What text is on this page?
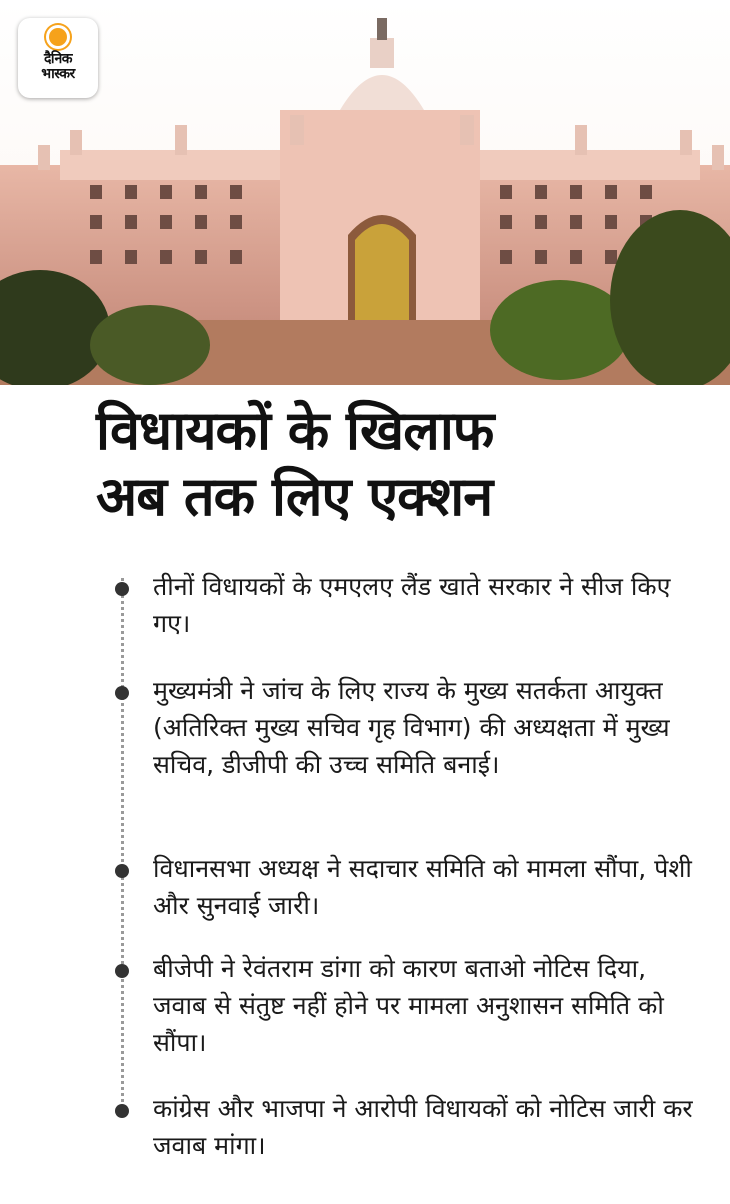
दैनिक
भास्कर
विधायकों के खिलाफ
अब तक लिए एक्शन
तीनों विधायकों के एमएलए लैंड खाते सरकार ने सीज किए गए।
मुख्यमंत्री ने जांच के लिए राज्य के मुख्य सतर्कता आयुक्त (अतिरिक्त मुख्य सचिव गृह विभाग) की अध्यक्षता में मुख्य सचिव, डीजीपी की उच्च समिति बनाई।
विधानसभा अध्यक्ष ने सदाचार समिति को मामला सौंपा, पेशी और सुनवाई जारी।
बीजेपी ने रेवंतराम डांगा को कारण बताओ नोटिस दिया, जवाब से संतुष्ट नहीं होने पर मामला अनुशासन समिति को सौंपा।
कांग्रेस और भाजपा ने आरोपी विधायकों को नोटिस जारी कर जवाब मांगा।
